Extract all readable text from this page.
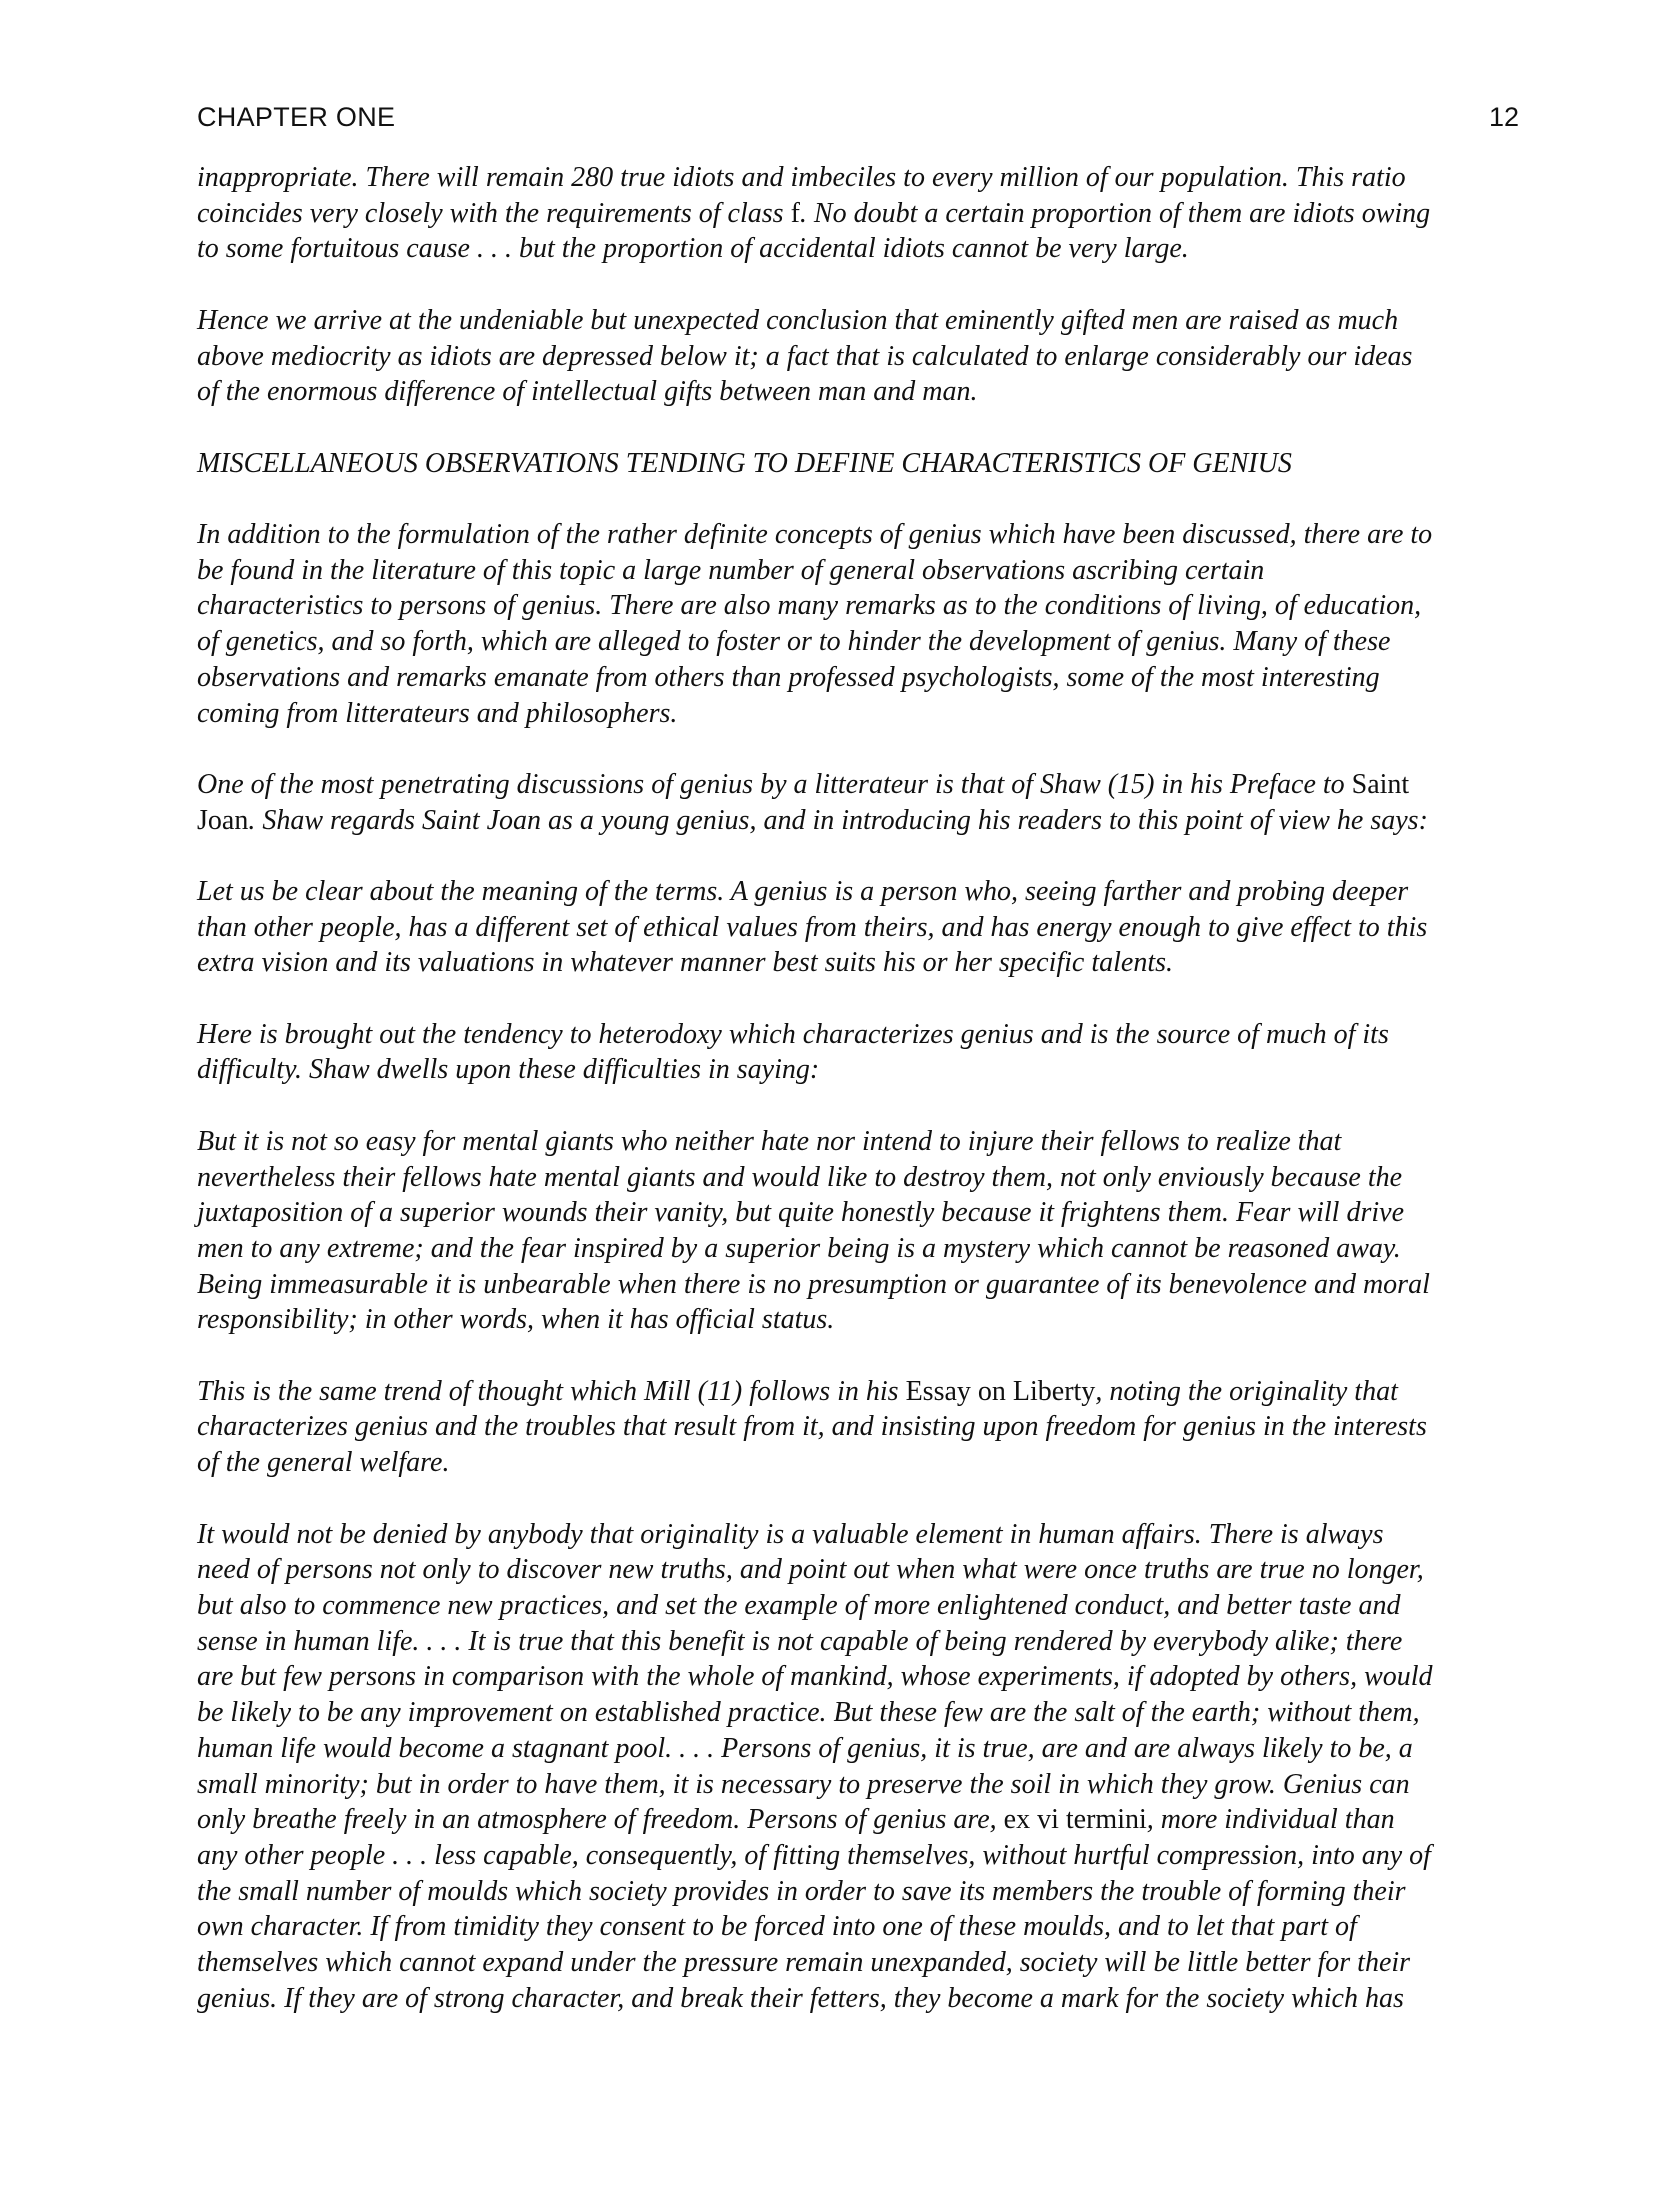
CHAPTER ONE	12

inappropriate. There will remain 280 true idiots and imbeciles to every million of our population. This ratio
coincides very closely with the requirements of class f. No doubt a certain proportion of them are idiots owing
to some fortuitous cause . . . but the proportion of accidental idiots cannot be very large.

Hence we arrive at the undeniable but unexpected conclusion that eminently gifted men are raised as much
above mediocrity as idiots are depressed below it; a fact that is calculated to enlarge considerably our ideas
of the enormous difference of intellectual gifts between man and man.

MISCELLANEOUS OBSERVATIONS TENDING TO DEFINE CHARACTERISTICS OF GENIUS

In addition to the formulation of the rather definite concepts of genius which have been discussed, there are to
be found in the literature of this topic a large number of general observations ascribing certain
characteristics to persons of genius. There are also many remarks as to the conditions of living, of education,
of genetics, and so forth, which are alleged to foster or to hinder the development of genius. Many of these
observations and remarks emanate from others than professed psychologists, some of the most interesting
coming from litterateurs and philosophers.

One of the most penetrating discussions of genius by a litterateur is that of Shaw (15) in his Preface to Saint
Joan. Shaw regards Saint Joan as a young genius, and in introducing his readers to this point of view he says:

Let us be clear about the meaning of the terms. A genius is a person who, seeing farther and probing deeper
than other people, has a different set of ethical values from theirs, and has energy enough to give effect to this
extra vision and its valuations in whatever manner best suits his or her specific talents.

Here is brought out the tendency to heterodoxy which characterizes genius and is the source of much of its
difficulty. Shaw dwells upon these difficulties in saying:

But it is not so easy for mental giants who neither hate nor intend to injure their fellows to realize that
nevertheless their fellows hate mental giants and would like to destroy them, not only enviously because the
juxtaposition of a superior wounds their vanity, but quite honestly because it frightens them. Fear will drive
men to any extreme; and the fear inspired by a superior being is a mystery which cannot be reasoned away.
Being immeasurable it is unbearable when there is no presumption or guarantee of its benevolence and moral
responsibility; in other words, when it has official status.

This is the same trend of thought which Mill (11) follows in his Essay on Liberty, noting the originality that
characterizes genius and the troubles that result from it, and insisting upon freedom for genius in the interests
of the general welfare.

It would not be denied by anybody that originality is a valuable element in human affairs. There is always
need of persons not only to discover new truths, and point out when what were once truths are true no longer,
but also to commence new practices, and set the example of more enlightened conduct, and better taste and
sense in human life. . . . It is true that this benefit is not capable of being rendered by everybody alike; there
are but few persons in comparison with the whole of mankind, whose experiments, if adopted by others, would
be likely to be any improvement on established practice. But these few are the salt of the earth; without them,
human life would become a stagnant pool. . . . Persons of genius, it is true, are and are always likely to be, a
small minority; but in order to have them, it is necessary to preserve the soil in which they grow. Genius can
only breathe freely in an atmosphere of freedom. Persons of genius are, ex vi termini, more individual than
any other people . . . less capable, consequently, of fitting themselves, without hurtful compression, into any of
the small number of moulds which society provides in order to save its members the trouble of forming their
own character. If from timidity they consent to be forced into one of these moulds, and to let that part of
themselves which cannot expand under the pressure remain unexpanded, society will be little better for their
genius. If they are of strong character, and break their fetters, they become a mark for the society which has
